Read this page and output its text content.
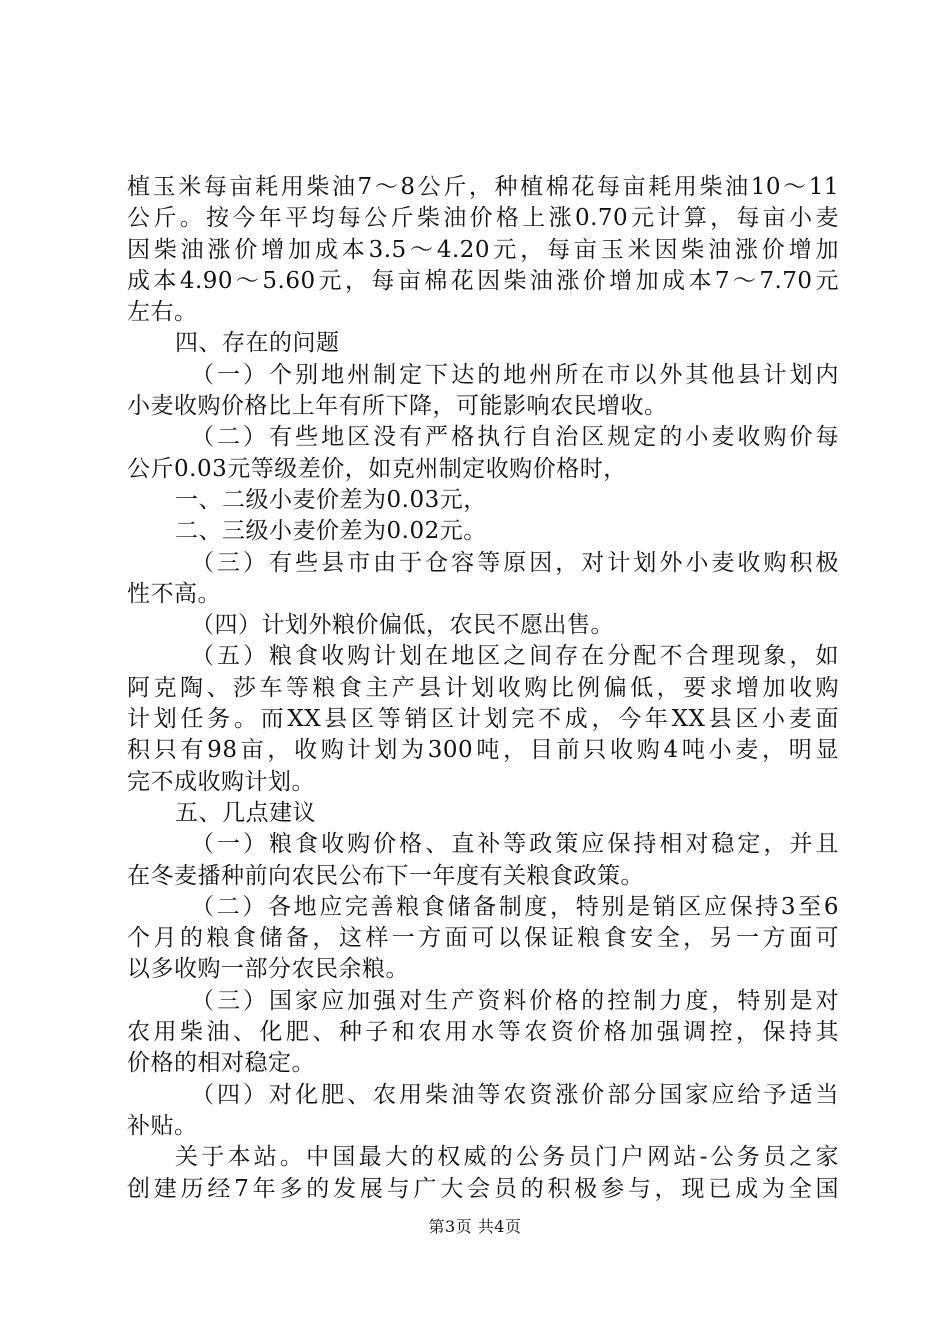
植玉米每亩耗用柴油7～8公斤，种植棉花每亩耗用柴油10～11
公斤。按今年平均每公斤柴油价格上涨0.70元计算，每亩小麦
因柴油涨价增加成本3.5～4.20元，每亩玉米因柴油涨价增加
成本4.90～5.60元，每亩棉花因柴油涨价增加成本7～7.70元
左右。
四、存在的问题
（一）个别地州制定下达的地州所在市以外其他县计划内
小麦收购价格比上年有所下降，可能影响农民增收。
（二）有些地区没有严格执行自治区规定的小麦收购价每
公斤0.03元等级差价，如克州制定收购价格时，
一、二级小麦价差为0.03元，
二、三级小麦价差为0.02元。
（三）有些县市由于仓容等原因，对计划外小麦收购积极
性不高。
（四）计划外粮价偏低，农民不愿出售。
（五）粮食收购计划在地区之间存在分配不合理现象，如
阿克陶、莎车等粮食主产县计划收购比例偏低，要求增加收购
计划任务。而XX县区等销区计划完不成，今年XX县区小麦面
积只有98亩，收购计划为300吨，目前只收购4吨小麦，明显
完不成收购计划。
五、几点建议
（一）粮食收购价格、直补等政策应保持相对稳定，并且
在冬麦播种前向农民公布下一年度有关粮食政策。
（二）各地应完善粮食储备制度，特别是销区应保持3至6
个月的粮食储备，这样一方面可以保证粮食安全，另一方面可
以多收购一部分农民余粮。
（三）国家应加强对生产资料价格的控制力度，特别是对
农用柴油、化肥、种子和农用水等农资价格加强调控，保持其
价格的相对稳定。
（四）对化肥、农用柴油等农资涨价部分国家应给予适当
补贴。
关于本站。中国最大的权威的公务员门户网站-公务员之家
创建历经7年多的发展与广大会员的积极参与，现已成为全国
第3页 共4页
